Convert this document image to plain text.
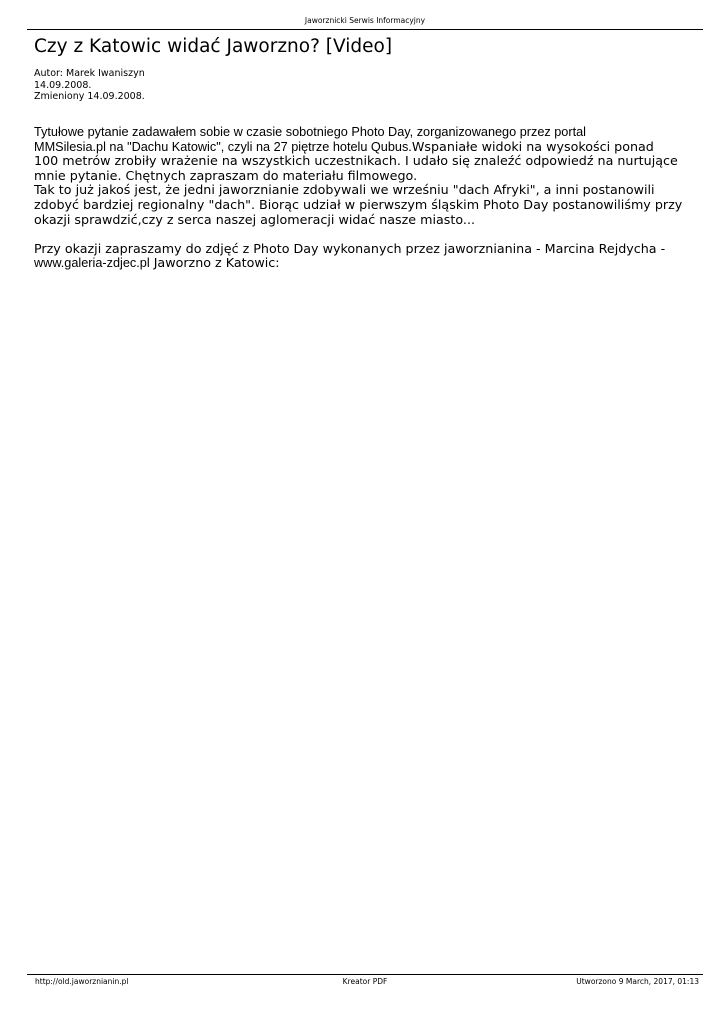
Jaworznicki Serwis Informacyjny
Czy z Katowic widać Jaworzno? [Video]
Autor: Marek Iwaniszyn
14.09.2008.
Zmieniony 14.09.2008.
Tytułowe pytanie zadawałem sobie w czasie sobotniego Photo Day, zorganizowanego przez portal
MMSilesia.pl na "Dachu Katowic", czyli na 27 piętrze hotelu Qubus.Wspaniałe widoki na wysokości ponad
100 metrów zrobiły wrażenie na wszystkich uczestnikach. I udało się znaleźć odpowiedź na nurtujące
mnie pytanie. Chętnych zapraszam do materiału filmowego.
Tak to już jakoś jest, że jedni jaworznianie zdobywali we wrześniu "dach Afryki", a inni postanowili
zdobyć bardziej regionalny "dach". Biorąc udział w pierwszym śląskim Photo Day postanowiliśmy przy
okazji sprawdzić,czy z serca naszej aglomeracji widać nasze miasto...
Przy okazji zapraszamy do zdjęć z Photo Day wykonanych przez jaworznianina - Marcina Rejdycha -
www.galeria-zdjec.pl Jaworzno z Katowic:
http://old.jaworznianin.pl	Kreator PDF	Utworzono 9 March, 2017, 01:13
